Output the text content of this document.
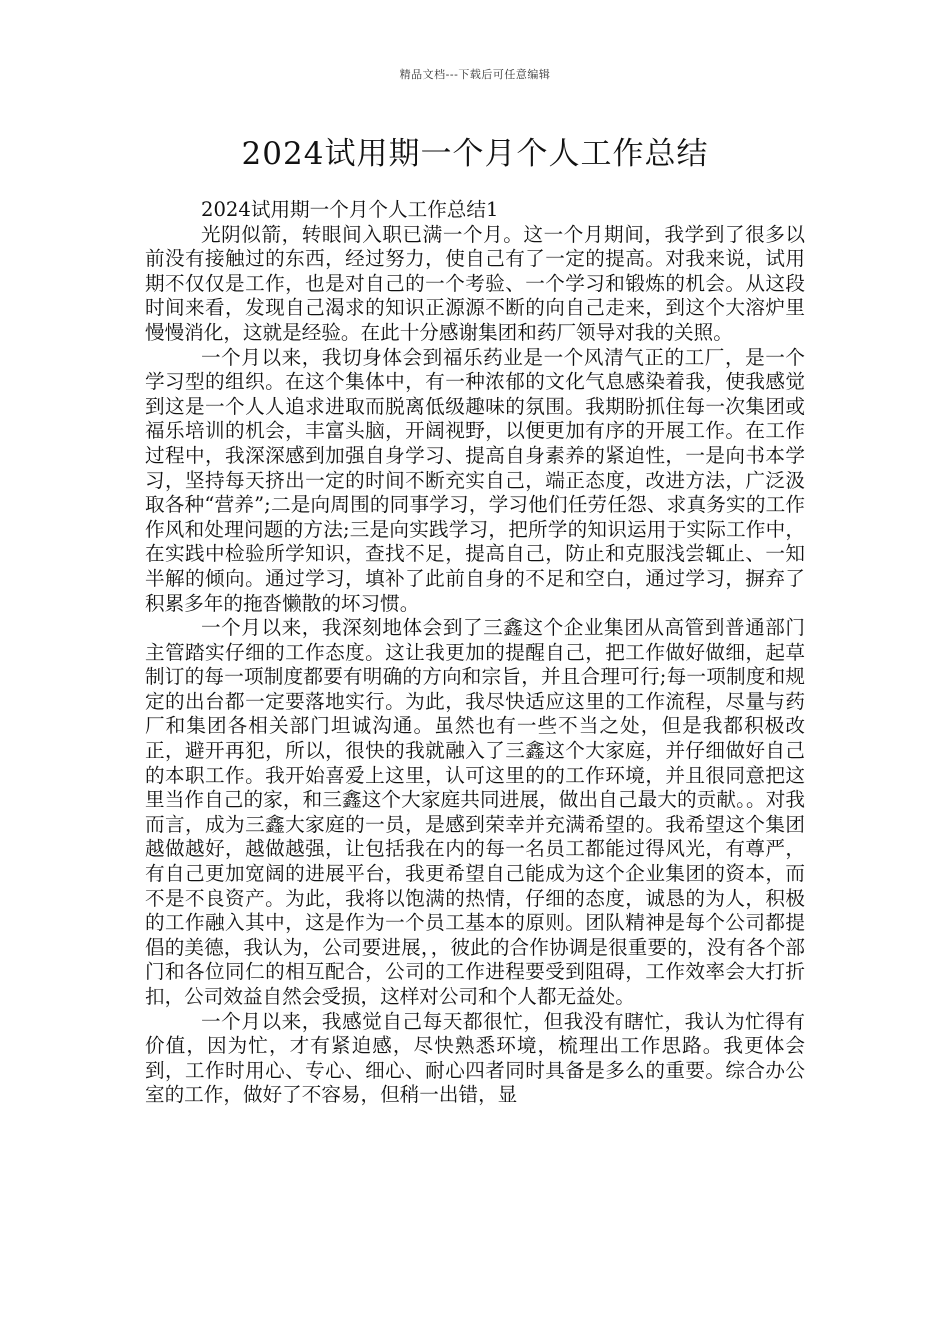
精品文档---下载后可任意编辑
2024试用期一个月个人工作总结
2024试用期一个月个人工作总结1

光阴似箭，转眼间入职已满一个月。这一个月期间，我学到了很多以前没有接触过的东西，经过努力，使自己有了一定的提高。对我来说，试用期不仅仅是工作，也是对自己的一个考验、一个学习和锻炼的机会。从这段时间来看，发现自己渴求的知识正源源不断的向自己走来，到这个大溶炉里慢慢消化，这就是经验。在此十分感谢集团和药厂领导对我的关照。

一个月以来，我切身体会到福乐药业是一个风清气正的工厂，是一个学习型的组织。在这个集体中，有一种浓郁的文化气息感染着我，使我感觉到这是一个人人追求进取而脱离低级趣味的氛围。我期盼抓住每一次集团或福乐培训的机会，丰富头脑，开阔视野，以便更加有序的开展工作。在工作过程中，我深深感到加强自身学习、提高自身素养的紧迫性，一是向书本学习，坚持每天挤出一定的时间不断充实自己，端正态度，改进方法，广泛汲取各种“营养”;二是向周围的同事学习，学习他们任劳任怨、求真务实的工作作风和处理问题的方法;三是向实践学习，把所学的知识运用于实际工作中，在实践中检验所学知识，查找不足，提高自己，防止和克服浅尝辄止、一知半解的倾向。通过学习，填补了此前自身的不足和空白，通过学习，摒弃了积累多年的拖沓懒散的坏习惯。

一个月以来，我深刻地体会到了三鑫这个企业集团从高管到普通部门主管踏实仔细的工作态度。这让我更加的提醒自己，把工作做好做细，起草制订的每一项制度都要有明确的方向和宗旨，并且合理可行;每一项制度和规定的出台都一定要落地实行。为此，我尽快适应这里的工作流程，尽量与药厂和集团各相关部门坦诚沟通。虽然也有一些不当之处，但是我都积极改正，避开再犯，所以，很快的我就融入了三鑫这个大家庭，并仔细做好自己的本职工作。我开始喜爱上这里，认可这里的的工作环境，并且很同意把这里当作自己的家，和三鑫这个大家庭共同进展，做出自己最大的贡献。。对我而言，成为三鑫大家庭的一员，是感到荣幸并充满希望的。我希望这个集团越做越好，越做越强，让包括我在内的每一名员工都能过得风光，有尊严，有自己更加宽阔的进展平台，我更希望自己能成为这个企业集团的资本，而不是不良资产。为此，我将以饱满的热情，仔细的态度，诚恳的为人，积极的工作融入其中，这是作为一个员工基本的原则。团队精神是每个公司都提倡的美德，我认为，公司要进展，，彼此的合作协调是很重要的，没有各个部门和各位同仁的相互配合，公司的工作进程要受到阻碍，工作效率会大打折扣，公司效益自然会受损，这样对公司和个人都无益处。

一个月以来，我感觉自己每天都很忙，但我没有瞎忙，我认为忙得有价值，因为忙，才有紧迫感，尽快熟悉环境，梳理出工作思路。我更体会到，工作时用心、专心、细心、耐心四者同时具备是多么的重要。综合办公室的工作，做好了不容易，但稍一出错，显
